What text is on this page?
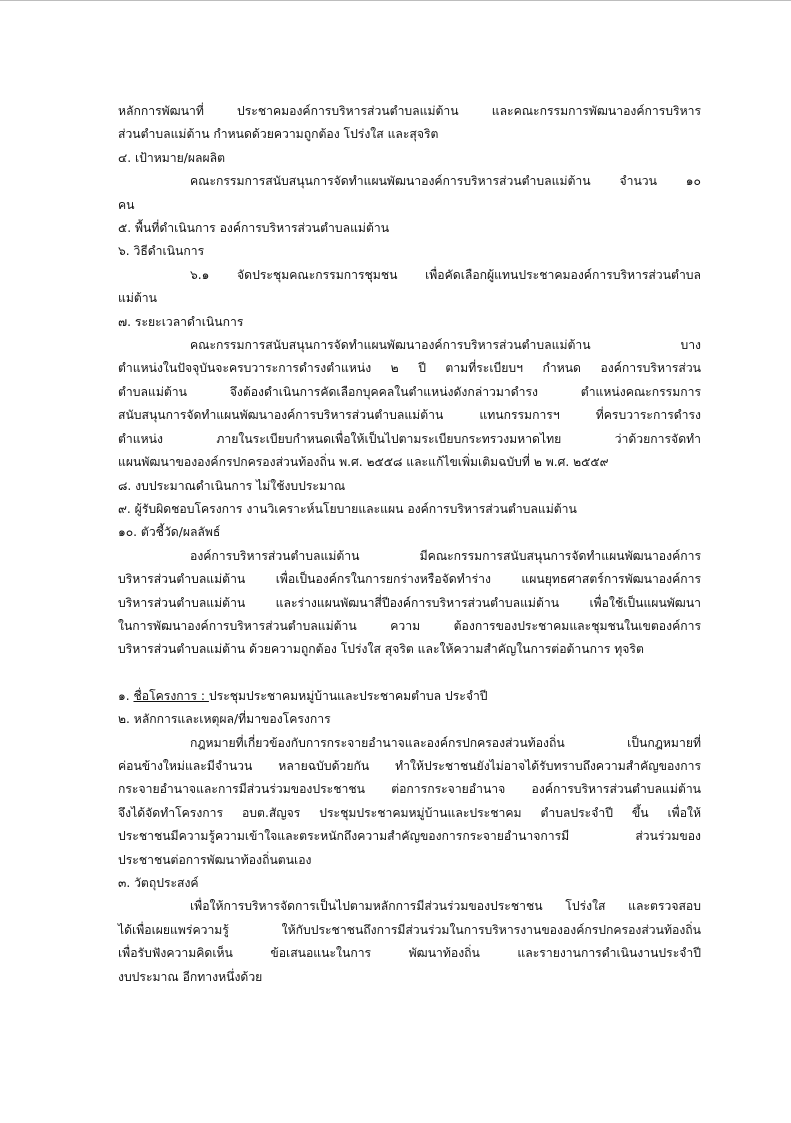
หลักการพัฒนาที่ ประชาคมองค์การบริหารส่วนตำบลแม่ต้าน และคณะกรรมการพัฒนาองค์การบริหาร

ส่วนตำบลแม่ต้าน กำหนดด้วยความถูกต้อง โปร่งใส และสุจริต

๔. เป้าหมาย/ผลผลิต

คณะกรรมการสนับสนุนการจัดทำแผนพัฒนาองค์การบริหารส่วนตำบลแม่ต้าน จำนวน ๑๐

คน

๕. พื้นที่ดำเนินการ องค์การบริหารส่วนตำบลแม่ต้าน

๖. วิธีดำเนินการ

๖.๑ จัดประชุมคณะกรรมการชุมชน เพื่อคัดเลือกผู้แทนประชาคมองค์การบริหารส่วนตำบล

แม่ต้าน

๗. ระยะเวลาดำเนินการ

คณะกรรมการสนับสนุนการจัดทำแผนพัฒนาองค์การบริหารส่วนตำบลแม่ต้าน บาง

ตำแหน่งในปัจจุบันจะครบวาระการดำรงตำแหน่ง ๒ ปี ตามที่ระเบียบฯ กำหนด องค์การบริหารส่วน

ตำบลแม่ต้าน จึงต้องดำเนินการคัดเลือกบุคคลในตำแหน่งดังกล่าวมาดำรง ตำแหน่งคณะกรรมการ

สนับสนุนการจัดทำแผนพัฒนาองค์การบริหารส่วนตำบลแม่ต้าน แทนกรรมการฯ ที่ครบวาระการดำรง

ตำแหน่ง ภายในระเบียบกำหนดเพื่อให้เป็นไปตามระเบียบกระทรวงมหาดไทย ว่าด้วยการจัดทำ

แผนพัฒนาขององค์กรปกครองส่วนท้องถิ่น พ.ศ. ๒๕๕๘ และแก้ไขเพิ่มเติมฉบับที่ ๒ พ.ศ. ๒๕๕๙

๘. งบประมาณดำเนินการ ไม่ใช้งบประมาณ

๙. ผู้รับผิดชอบโครงการ งานวิเคราะห์นโยบายและแผน องค์การบริหารส่วนตำบลแม่ต้าน

๑๐. ตัวชี้วัด/ผลลัพธ์

องค์การบริหารส่วนตำบลแม่ต้าน มีคณะกรรมการสนับสนุนการจัดทำแผนพัฒนาองค์การ

บริหารส่วนตำบลแม่ต้าน เพื่อเป็นองค์กรในการยกร่างหรือจัดทำร่าง แผนยุทธศาสตร์การพัฒนาองค์การ

บริหารส่วนตำบลแม่ต้าน และร่างแผนพัฒนาสี่ปีองค์การบริหารส่วนตำบลแม่ต้าน เพื่อใช้เป็นแผนพัฒนา

ในการพัฒนาองค์การบริหารส่วนตำบลแม่ต้าน ความ ต้องการของประชาคมและชุมชนในเขตองค์การ

บริหารส่วนตำบลแม่ต้าน ด้วยความถูกต้อง โปร่งใส สุจริต และให้ความสำคัญในการต่อต้านการ ทุจริต

๑. ชื่อโครงการ : ประชุมประชาคมหมู่บ้านและประชาคมตำบล ประจำปี

๒. หลักการและเหตุผล/ที่มาของโครงการ

กฎหมายที่เกี่ยวข้องกับการกระจายอำนาจและองค์กรปกครองส่วนท้องถิ่น เป็นกฎหมายที่

ค่อนข้างใหม่และมีจำนวน หลายฉบับด้วยกัน ทำให้ประชาชนยังไม่อาจได้รับทราบถึงความสำคัญของการ

กระจายอำนาจและการมีส่วนร่วมของประชาชน ต่อการกระจายอำนาจ องค์การบริหารส่วนตำบลแม่ต้าน

จึงได้จัดทำโครงการ อบต.สัญจร ประชุมประชาคมหมู่บ้านและประชาคม ตำบลประจำปี ขึ้น เพื่อให้

ประชาชนมีความรู้ความเข้าใจและตระหนักถึงความสำคัญของการกระจายอำนาจการมี ส่วนร่วมของ

ประชาชนต่อการพัฒนาท้องถิ่นตนเอง

๓. วัตถุประสงค์

เพื่อให้การบริหารจัดการเป็นไปตามหลักการมีส่วนร่วมของประชาชน โปร่งใส และตรวจสอบ

ได้เพื่อเผยแพร่ความรู้ ให้กับประชาชนถึงการมีส่วนร่วมในการบริหารงานขององค์กรปกครองส่วนท้องถิ่น

เพื่อรับฟังความคิดเห็น ข้อเสนอแนะในการ พัฒนาท้องถิ่น และรายงานการดำเนินงานประจำปี

งบประมาณ อีกทางหนึ่งด้วย
